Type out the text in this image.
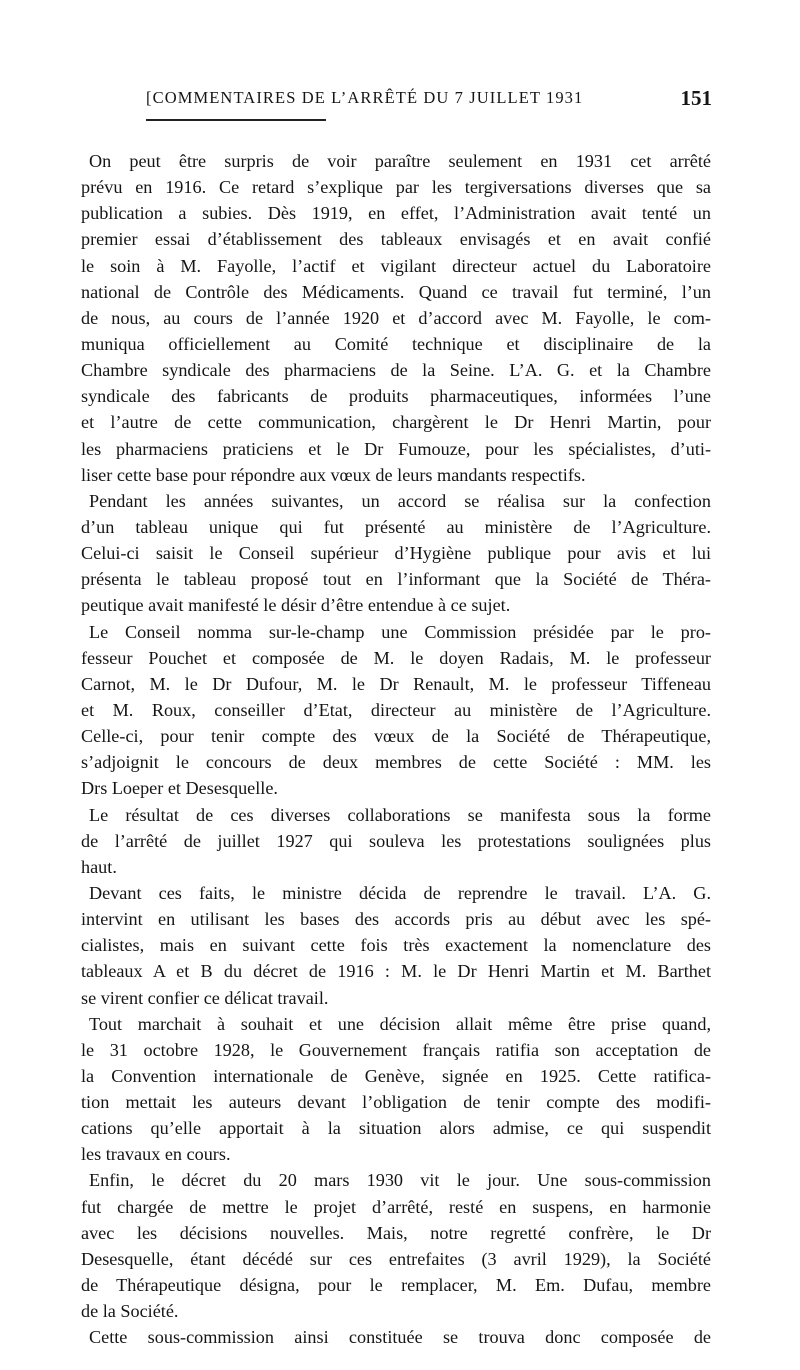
[COMMENTAIRES DE L’ARRÊTÉ DU 7 JUILLET 1931	151
On peut être surpris de voir paraître seulement en 1931 cet arrêté
prévu en 1916. Ce retard s’explique par les tergiversations diverses que sa
publication a subies. Dès 1919, en effet, l’Administration avait tenté un
premier essai d’établissement des tableaux envisagés et en avait confié
le soin à M. Fayolle, l’actif et vigilant directeur actuel du Laboratoire
national de Contrôle des Médicaments. Quand ce travail fut terminé, l’un
de nous, au cours de l’année 1920 et d’accord avec M. Fayolle, le com-
muniqua officiellement au Comité technique et disciplinaire de la
Chambre syndicale des pharmaciens de la Seine. L’A. G. et la Chambre
syndicale des fabricants de produits pharmaceutiques, informées l’une
et l’autre de cette communication, chargèrent le Dr Henri Martin, pour
les pharmaciens praticiens et le Dr Fumouze, pour les spécialistes, d’uti-
liser cette base pour répondre aux vœux de leurs mandants respectifs.
Pendant les années suivantes, un accord se réalisa sur la confection
d’un tableau unique qui fut présenté au ministère de l’Agriculture.
Celui-ci saisit le Conseil supérieur d’Hygiène publique pour avis et lui
présenta le tableau proposé tout en l’informant que la Société de Théra-
peutique avait manifesté le désir d’être entendue à ce sujet.
Le Conseil nomma sur-le-champ une Commission présidée par le pro-
fesseur Pouchet et composée de M. le doyen Radais, M. le professeur
Carnot, M. le Dr Dufour, M. le Dr Renault, M. le professeur Tiffeneau
et M. Roux, conseiller d’Etat, directeur au ministère de l’Agriculture.
Celle-ci, pour tenir compte des vœux de la Société de Thérapeutique,
s’adjoignit le concours de deux membres de cette Société : MM. les
Drs Loeper et Desesquelle.
Le résultat de ces diverses collaborations se manifesta sous la forme
de l’arrêté de juillet 1927 qui souleva les protestations soulignées plus
haut.
Devant ces faits, le ministre décida de reprendre le travail. L’A. G.
intervint en utilisant les bases des accords pris au début avec les spé-
cialistes, mais en suivant cette fois très exactement la nomenclature des
tableaux A et B du décret de 1916 : M. le Dr Henri Martin et M. Barthet
se virent confier ce délicat travail.
Tout marchait à souhait et une décision allait même être prise quand,
le 31 octobre 1928, le Gouvernement français ratifia son acceptation de
la Convention internationale de Genève, signée en 1925. Cette ratifica-
tion mettait les auteurs devant l’obligation de tenir compte des modifi-
cations qu’elle apportait à la situation alors admise, ce qui suspendit
les travaux en cours.
Enfin, le décret du 20 mars 1930 vit le jour. Une sous-commission
fut chargée de mettre le projet d’arrêté, resté en suspens, en harmonie
avec les décisions nouvelles. Mais, notre regretté confrère, le Dr
Desesquelle, étant décédé sur ces entrefaites (3 avril 1929), la Société
de Thérapeutique désigna, pour le remplacer, M. Em. Dufau, membre
de la Société.
Cette sous-commission ainsi constituée se trouva donc composée de
